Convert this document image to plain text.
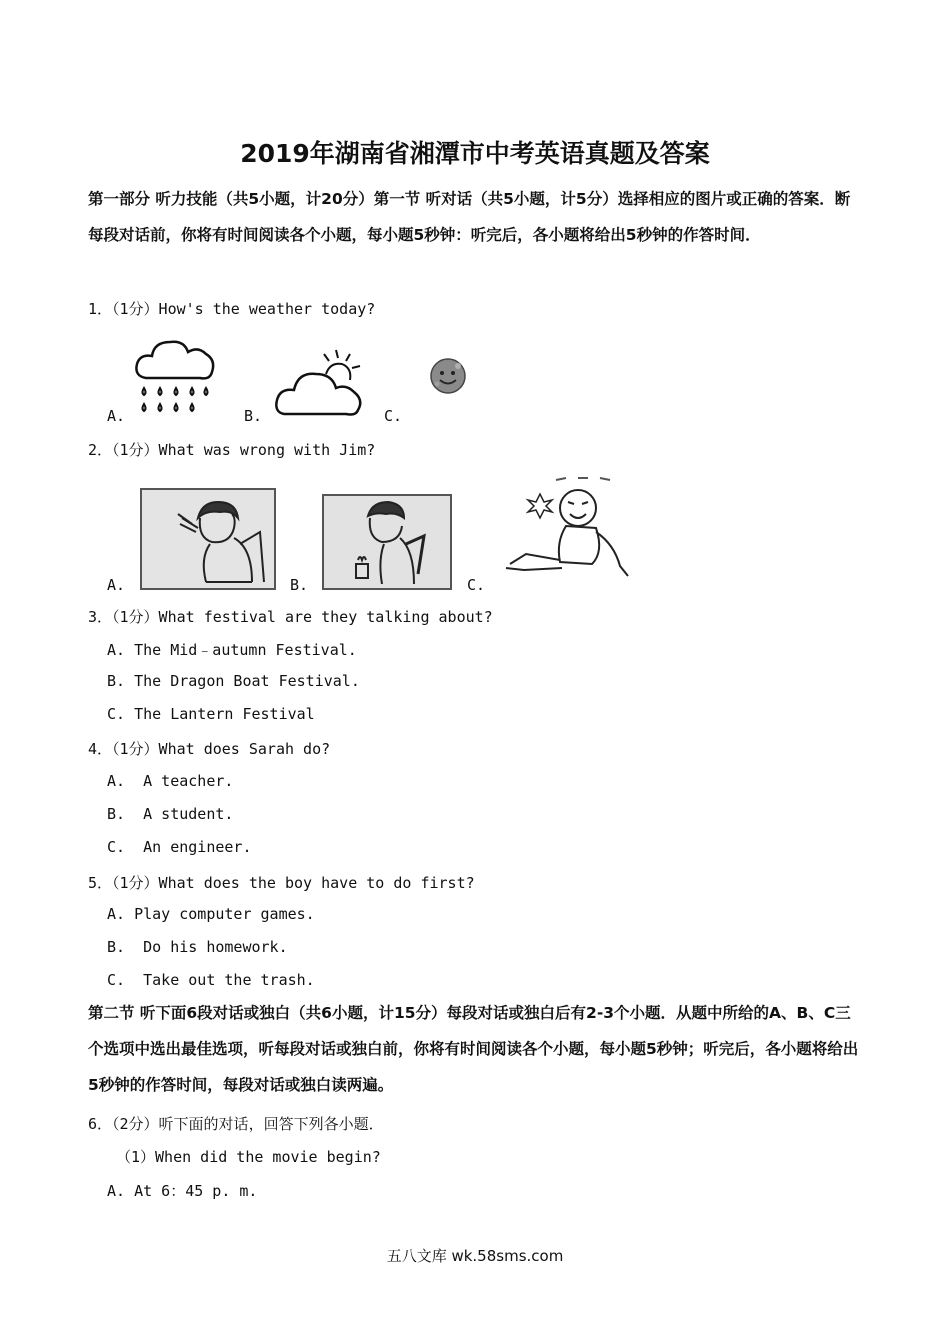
2019年湖南省湘潭市中考英语真题及答案
第一部分 听力技能（共5小题，计20分）第一节 听对话（共5小题，计5分）选择相应的图片或正确的答案．断每段对话前，你将有时间阅读各个小题，每小题5秒钟：听完后，各小题将给出5秒钟的作答时间．
1．（1分）How's the weather today?
A.	B.	C.
2．（1分）What was wrong with Jim?
A.	B.	C.
3．（1分）What festival are they talking about?
A. The Mid﹣autumn Festival.
B. The Dragon Boat Festival.
C. The Lantern Festival
4．（1分）What does Sarah do?
A.  A teacher.
B.  A student.
C.  An engineer.
5．（1分）What does the boy have to do first?
A. Play computer games.
B.  Do his homework.
C.  Take out the trash.
第二节 听下面6段对话或独白（共6小题，计15分）每段对话或独白后有2-3个小题．从题中所给的A、B、C三个选项中选出最佳选项，听每段对话或独白前，你将有时间阅读各个小题，每小题5秒钟；听完后，各小题将给出5秒钟的作答时间，每段对话或独白读两遍。
6．（2分）听下面的对话，回答下列各小题．
（1）When did the movie begin?
A. At 6：45 p. m.
五八文库 wk.58sms.com
